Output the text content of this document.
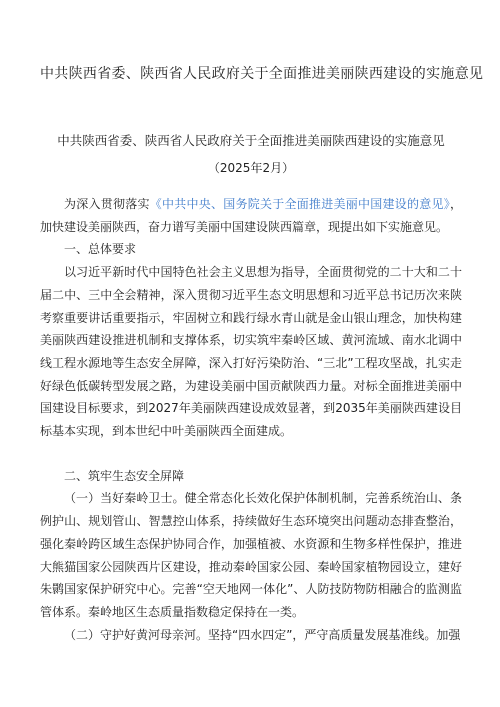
中共陕西省委、陕西省人民政府关于全面推进美丽陕西建设的实施意见
中共陕西省委、陕西省人民政府关于全面推进美丽陕西建设的实施意见
（2025年2月）

为深入贯彻落实《中共中央、国务院关于全面推进美丽中国建设的意见》，加快建设美丽陕西，奋力谱写美丽中国建设陕西篇章，现提出如下实施意见。

一、总体要求

以习近平新时代中国特色社会主义思想为指导，全面贯彻党的二十大和二十届二中、三中全会精神，深入贯彻习近平生态文明思想和习近平总书记历次来陕考察重要讲话重要指示，牢固树立和践行绿水青山就是金山银山理念，加快构建美丽陕西建设推进机制和支撑体系，切实筑牢秦岭区域、黄河流域、南水北调中线工程水源地等生态安全屏障，深入打好污染防治、“三北”工程攻坚战，扎实走好绿色低碳转型发展之路，为建设美丽中国贡献陕西力量。对标全面推进美丽中国建设目标要求，到2027年美丽陕西建设成效显著，到2035年美丽陕西建设目标基本实现，到本世纪中叶美丽陕西全面建成。

二、筑牢生态安全屏障

（一）当好秦岭卫士。健全常态化长效化保护体制机制，完善系统治山、条例护山、规划管山、智慧控山体系，持续做好生态环境突出问题动态排查整治，强化秦岭跨区域生态保护协同合作，加强植被、水资源和生物多样性保护，推进大熊猫国家公园陕西片区建设，推动秦岭国家公园、秦岭国家植物园设立，建好朱鹮国家保护研究中心。完善“空天地网一体化”、人防技防物防相融合的监测监管体系。秦岭地区生态质量指数稳定保持在一类。

（二）守护好黄河母亲河。坚持“四水四定”，严守高质量发展基准线。加强
